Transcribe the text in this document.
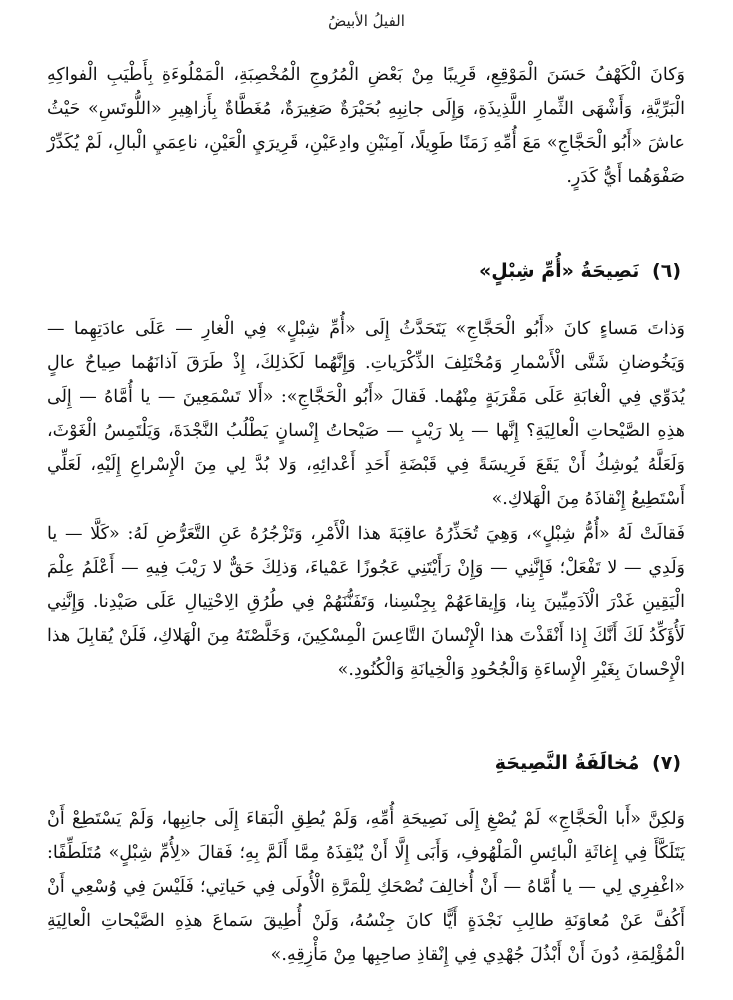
الفيلُ الأبيضُ

وَكانَ الْكَهْفُ حَسَنَ الْمَوْقِعِ، قَرِيبًا مِنْ بَعْضِ الْمُرُوجِ الْمُخْصِبَةِ، الْمَمْلُوءَةِ بِأَطْيَبِ الْفواكِهِ الْبَرِّيَّةِ، وَأَشْهَى الثِّمارِ اللَّذِيذَةِ، وَإِلَى جانِبِهِ بُحَيْرَةٌ صَغِيرَةٌ، مُغَطَّاةٌ بِأَزاهِيرِ «اللُّوتَسِ» حَيْثُ عاشَ «أَبُو الْحَجَّاجِ» مَعَ أُمِّهِ زَمَنًا طَوِيلًا، آمِنَيْنِ وادِعَيْنِ، قَرِيرَيِ الْعَيْنِ، ناعِمَيِ الْبالِ، لَمْ يُكَدِّرْ صَفْوَهُما أَيُّ كَدَرٍ.

(٦) نَصِيحَةُ «أُمِّ شِبْلٍ»

وَذاتَ مَساءٍ كانَ «أَبُو الْحَجَّاجِ» يَتَحَدَّثُ إِلَى «أُمِّ شِبْلٍ» فِي الْغارِ — عَلَى عادَتِهِما — وَيَخُوضانِ شَتَّى الْأَسْمارِ وَمُخْتَلِفَ الذِّكْرَياتِ. وَإِنَّهُما لَكَذلِكَ، إِذْ طَرَقَ آذانَهُما صِياحٌ عالٍ يُدَوِّي فِي الْغابَةِ عَلَى مَقْرَبَةٍ مِنْهُما. فَقالَ «أَبُو الْحَجَّاجِ»: «أَلا تَسْمَعِينَ — يا أُمَّاهُ — إِلَى هذِهِ الصَّيْحاتِ الْعالِيَةِ؟ إِنَّها — بِلا رَيْبٍ — صَيْحاتُ إِنْسانٍ يَطْلُبُ النَّجْدَةَ، وَيَلْتَمِسُ الْغَوْثَ، وَلَعَلَّهُ يُوشِكُ أَنْ يَقَعَ فَرِيسَةً فِي قَبْضَةِ أَحَدِ أَعْدائِهِ، وَلا بُدَّ لِي مِنَ الْإِسْراعِ إِلَيْهِ، لَعَلِّي أَسْتَطِيعُ إِنْقاذَهُ مِنَ الْهَلاكِ.»

فَقالَتْ لَهُ «أُمُّ شِبْلٍ»، وَهِيَ تُحَذِّرُهُ عاقِبَةَ هذا الْأَمْرِ، وَتَزْجُرُهُ عَنِ التَّعَرُّضِ لَهُ: «كَلَّا — يا وَلَدِي — لا تَفْعَلْ؛ فَإِنَّنِي — وَإِنْ رَأَيْتَنِي عَجُوزًا عَمْياءَ، وَذلِكَ حَقٌّ لا رَيْبَ فِيهِ — أَعْلَمُ عِلْمَ الْيَقِينِ غَدْرَ الْآدَمِيِّينَ بِنا، وَإِيقاعَهُمْ بِجِنْسِنا، وَتَفَنُّنَهُمْ فِي طُرُقِ الِاحْتِيالِ عَلَى صَيْدِنا. وَإِنَّنِي لَأُؤَكِّدُ لَكَ أَنَّكَ إِذا أَنْقَذْتَ هذا الْإِنْسانَ التَّاعِسَ الْمِسْكِينَ، وَخَلَّصْتَهُ مِنَ الْهَلاكِ، فَلَنْ يُقابِلَ هذا الْإِحْسانَ بِغَيْرِ الْإِساءَةِ وَالْجُحُودِ وَالْخِيانَةِ وَالْكُنُودِ.»

(٧) مُخالَفَةُ النَّصِيحَةِ

وَلكِنَّ «أَبا الْحَجَّاجِ» لَمْ يُصْغِ إِلَى نَصِيحَةِ أُمِّهِ، وَلَمْ يُطِقِ الْبَقاءَ إِلَى جانِبِها، وَلَمْ يَسْتَطِعْ أَنْ يَتَلَكَّأَ فِي إِغاثَةِ الْبائِسِ الْمَلْهُوفِ، وَأَبَى إِلَّا أَنْ يُنْقِذَهُ مِمَّا أَلَمَّ بِهِ؛ فَقالَ «لِأُمِّ شِبْلٍ» مُتَلَطِّفًا: «اغْفِرِي لِي — يا أُمَّاهُ — أَنْ أُخالِفَ نُصْحَكِ لِلْمَرَّةِ الْأُولَى فِي حَياتِي؛ فَلَيْسَ فِي وُسْعِي أَنْ أَكُفَّ عَنْ مُعاوَنَةِ طالِبِ نَجْدَةٍ أَيًّا كانَ جِنْسُهُ، وَلَنْ أُطِيقَ سَماعَ هذِهِ الصَّيْحاتِ الْعالِيَةِ الْمُؤْلِمَةِ، دُونَ أَنْ أَبْذُلَ جُهْدِي فِي إِنْقاذِ صاحِبِها مِنْ مَأْزِقِهِ.»
